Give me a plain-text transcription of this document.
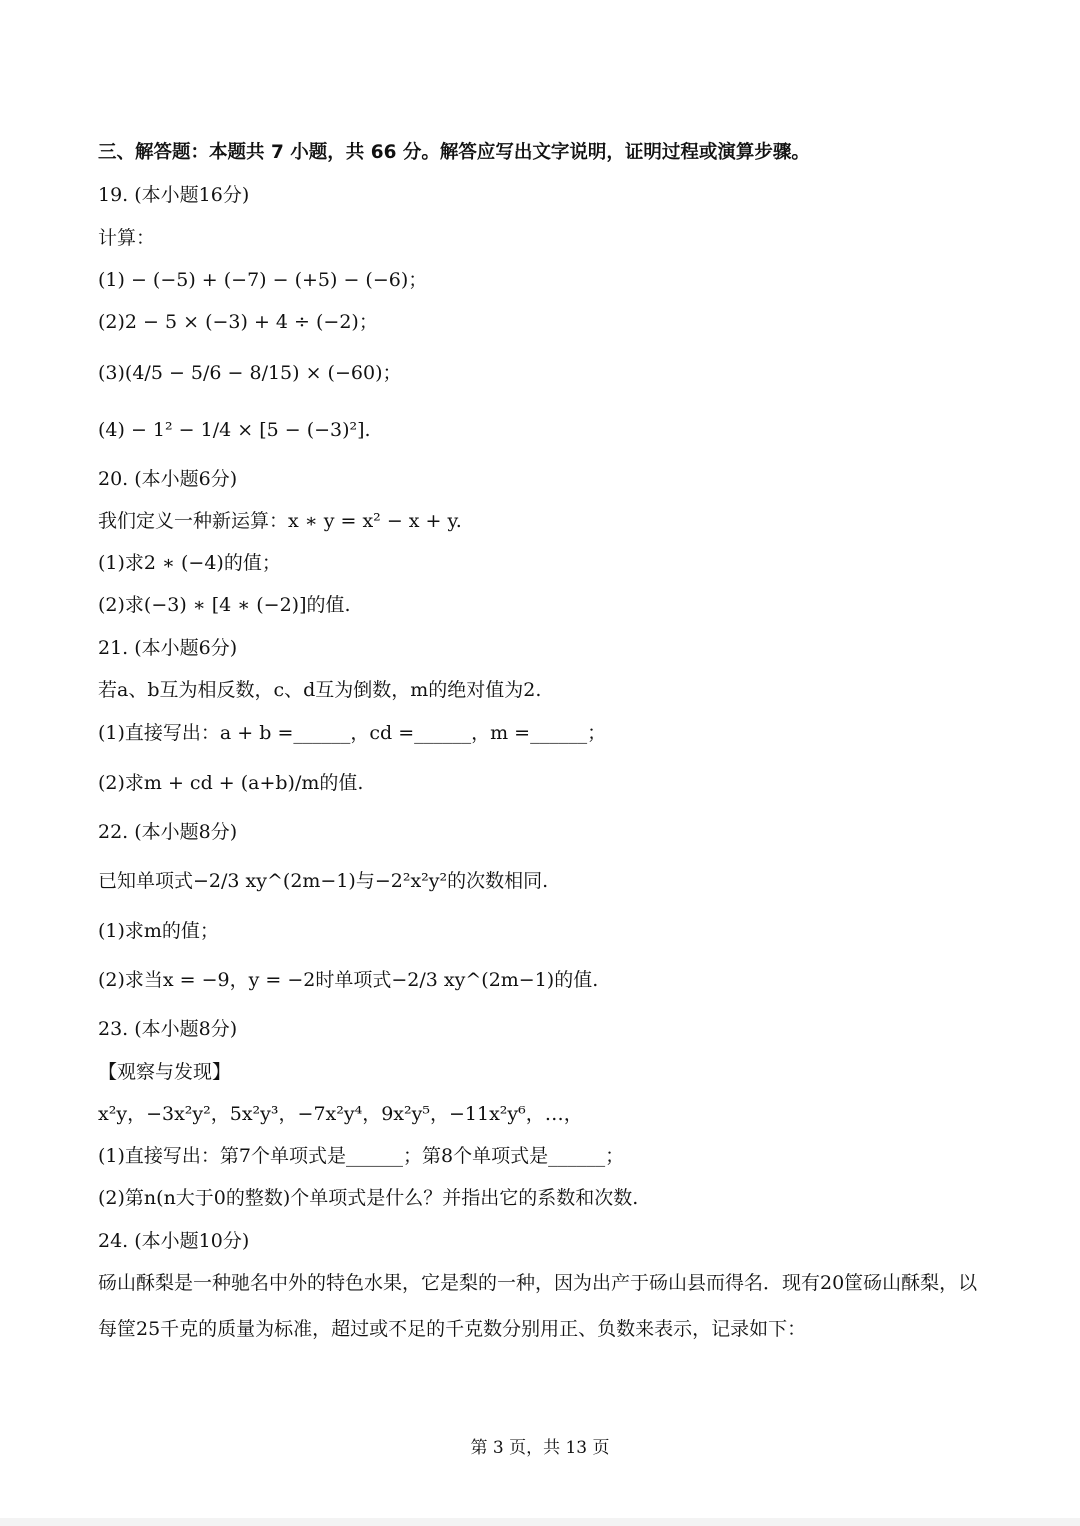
三、解答题：本题共 7 小题，共 66 分。解答应写出文字说明，证明过程或演算步骤。
19. (本小题16分)
计算：
(1) − (−5) + (−7) − (+5) − (−6)；
(2)2 − 5 × (−3) + 4 ÷ (−2)；
(3)(4/5 − 5/6 − 8/15) × (−60)；
(4) − 1² − 1/4 × [5 − (−3)²].
20. (本小题6分)
我们定义一种新运算：x ∗ y = x² − x + y.
(1)求2 ∗ (−4)的值；
(2)求(−3) ∗ [4 ∗ (−2)]的值.
21. (本小题6分)
若a、b互为相反数，c、d互为倒数，m的绝对值为2.
(1)直接写出：a + b =______，cd =______，m =______；
(2)求m + cd + (a+b)/m的值.
22. (本小题8分)
已知单项式−2/3 xy^(2m−1)与−2²x²y²的次数相同.
(1)求m的值；
(2)求当x = −9，y = −2时单项式−2/3 xy^(2m−1)的值.
23. (本小题8分)
【观察与发现】
x²y，−3x²y²，5x²y³，−7x²y⁴，9x²y⁵，−11x²y⁶，…，
(1)直接写出：第7个单项式是______；第8个单项式是______；
(2)第n(n大于0的整数)个单项式是什么？并指出它的系数和次数.
24. (本小题10分)
砀山酥梨是一种驰名中外的特色水果，它是梨的一种，因为出产于砀山县而得名．现有20筐砀山酥梨，以每筐25千克的质量为标准，超过或不足的千克数分别用正、负数来表示，记录如下：
第 3 页，共 13 页
